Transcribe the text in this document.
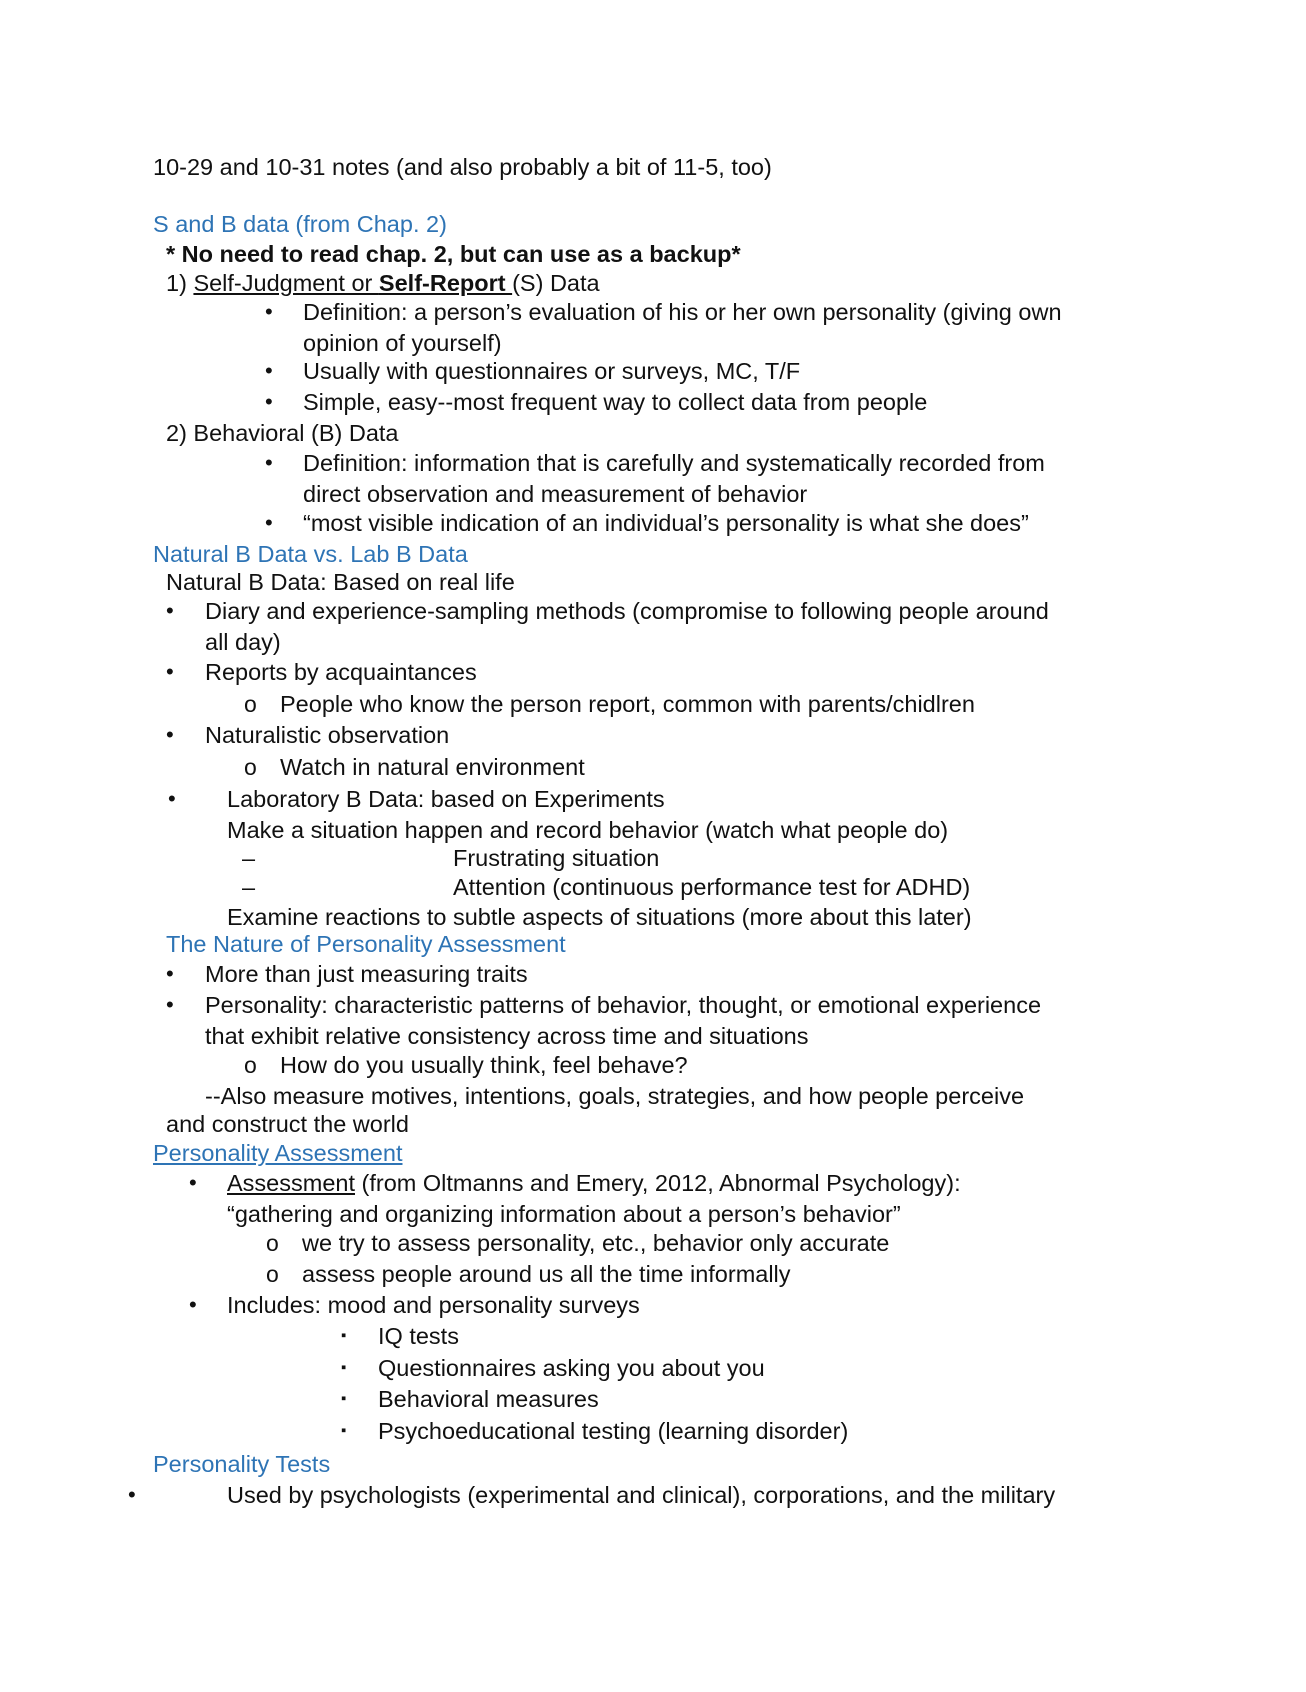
10-29 and 10-31 notes (and also probably a bit of 11-5, too)
S and B data (from Chap. 2)
* No need to read chap. 2, but can use as a backup*
1) Self-Judgment or Self-Report (S) Data
• Definition: a person’s evaluation of his or her own personality (giving own
opinion of yourself)
• Usually with questionnaires or surveys, MC, T/F
• Simple, easy--most frequent way to collect data from people
2) Behavioral (B) Data
• Definition: information that is carefully and systematically recorded from
direct observation and measurement of behavior
• “most visible indication of an individual’s personality is what she does”
Natural B Data vs. Lab B Data
Natural B Data: Based on real life
• Diary and experience-sampling methods (compromise to following people around
all day)
• Reports by acquaintances
o People who know the person report, common with parents/chidlren
• Naturalistic observation
o Watch in natural environment
• Laboratory B Data: based on Experiments
Make a situation happen and record behavior (watch what people do)
–	Frustrating situation
–	Attention (continuous performance test for ADHD)
Examine reactions to subtle aspects of situations (more about this later)
The Nature of Personality Assessment
• More than just measuring traits
• Personality: characteristic patterns of behavior, thought, or emotional experience
that exhibit relative consistency across time and situations
o How do you usually think, feel behave?
--Also measure motives, intentions, goals, strategies, and how people perceive
and construct the world
Personality Assessment
• Assessment (from Oltmanns and Emery, 2012, Abnormal Psychology):
“gathering and organizing information about a person’s behavior”
o we try to assess personality, etc., behavior only accurate
o assess people around us all the time informally
• Includes: mood and personality surveys
▪ IQ tests
▪ Questionnaires asking you about you
▪ Behavioral measures
▪ Psychoeducational testing (learning disorder)
Personality Tests
•	Used by psychologists (experimental and clinical), corporations, and the military
